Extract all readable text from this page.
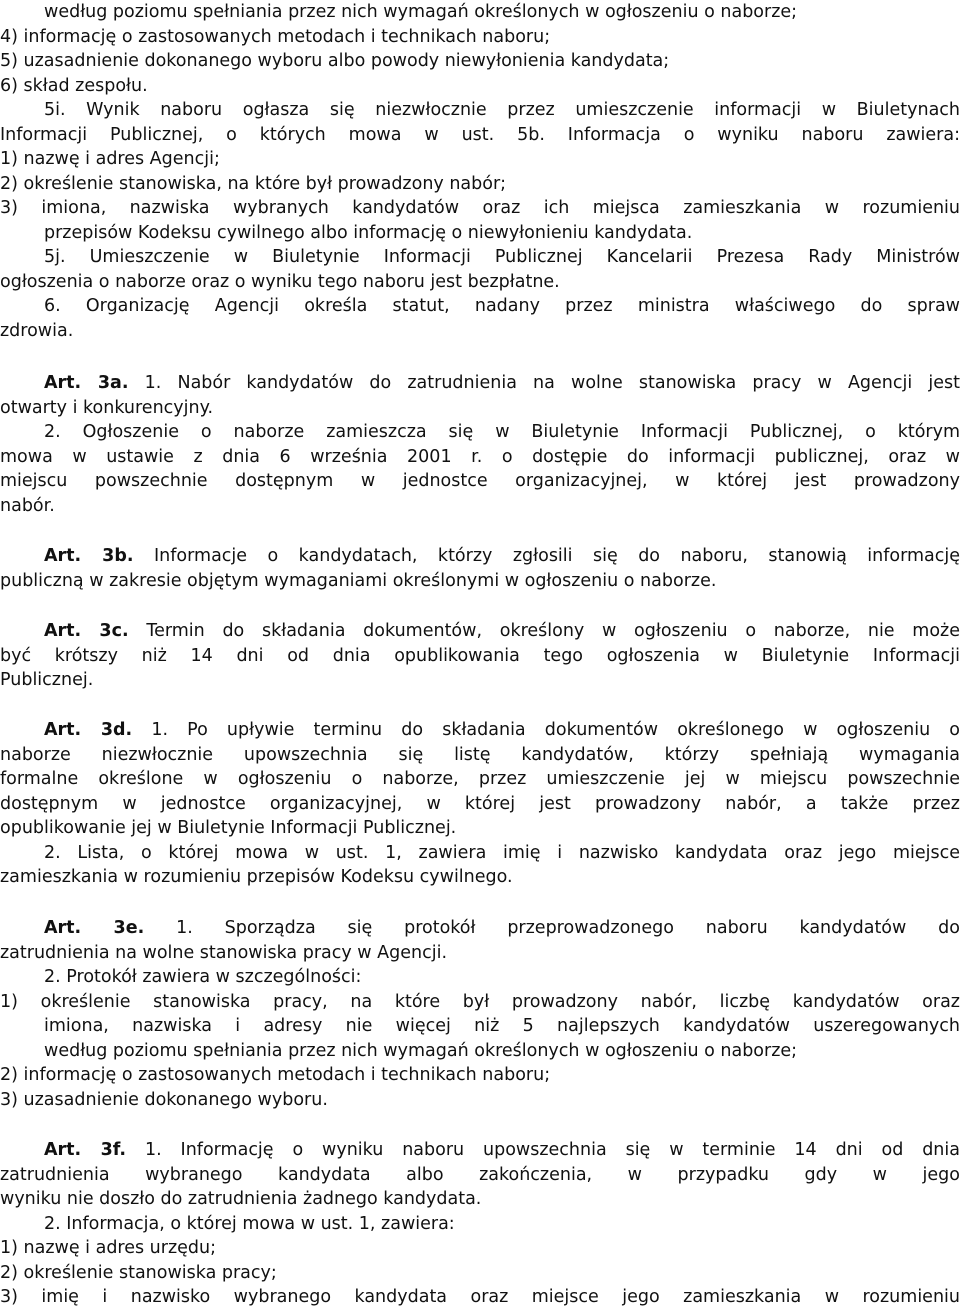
według poziomu spełniania przez nich wymagań określonych w ogłoszeniu o naborze;
4) informację o zastosowanych metodach i technikach naboru;
5) uzasadnienie dokonanego wyboru albo powody niewyłonienia kandydata;
6) skład zespołu.
5i. Wynik naboru ogłasza się niezwłocznie przez umieszczenie informacji w Biuletynach
Informacji Publicznej, o których mowa w ust. 5b. Informacja o wyniku naboru zawiera:
1) nazwę i adres Agencji;
2) określenie stanowiska, na które był prowadzony nabór;
3) imiona, nazwiska wybranych kandydatów oraz ich miejsca zamieszkania w rozumieniu
przepisów Kodeksu cywilnego albo informację o niewyłonieniu kandydata.
5j. Umieszczenie w Biuletynie Informacji Publicznej Kancelarii Prezesa Rady Ministrów
ogłoszenia o naborze oraz o wyniku tego naboru jest bezpłatne.
6. Organizację Agencji określa statut, nadany przez ministra właściwego do spraw
zdrowia.
Art. 3a. 1. Nabór kandydatów do zatrudnienia na wolne stanowiska pracy w Agencji jest
otwarty i konkurencyjny.
2. Ogłoszenie o naborze zamieszcza się w Biuletynie Informacji Publicznej, o którym
mowa w ustawie z dnia 6 września 2001 r. o dostępie do informacji publicznej, oraz w
miejscu powszechnie dostępnym w jednostce organizacyjnej, w której jest prowadzony
nabór.
Art. 3b. Informacje o kandydatach, którzy zgłosili się do naboru, stanowią informację
publiczną w zakresie objętym wymaganiami określonymi w ogłoszeniu o naborze.
Art. 3c. Termin do składania dokumentów, określony w ogłoszeniu o naborze, nie może
być krótszy niż 14 dni od dnia opublikowania tego ogłoszenia w Biuletynie Informacji
Publicznej.
Art. 3d. 1. Po upływie terminu do składania dokumentów określonego w ogłoszeniu o
naborze niezwłocznie upowszechnia się listę kandydatów, którzy spełniają wymagania
formalne określone w ogłoszeniu o naborze, przez umieszczenie jej w miejscu powszechnie
dostępnym w jednostce organizacyjnej, w której jest prowadzony nabór, a także przez
opublikowanie jej w Biuletynie Informacji Publicznej.
2. Lista, o której mowa w ust. 1, zawiera imię i nazwisko kandydata oraz jego miejsce
zamieszkania w rozumieniu przepisów Kodeksu cywilnego.
Art. 3e. 1. Sporządza się protokół przeprowadzonego naboru kandydatów do
zatrudnienia na wolne stanowiska pracy w Agencji.
2. Protokół zawiera w szczególności:
1) określenie stanowiska pracy, na które był prowadzony nabór, liczbę kandydatów oraz
imiona, nazwiska i adresy nie więcej niż 5 najlepszych kandydatów uszeregowanych
według poziomu spełniania przez nich wymagań określonych w ogłoszeniu o naborze;
2) informację o zastosowanych metodach i technikach naboru;
3) uzasadnienie dokonanego wyboru.
Art. 3f. 1. Informację o wyniku naboru upowszechnia się w terminie 14 dni od dnia
zatrudnienia wybranego kandydata albo zakończenia, w przypadku gdy w jego
wyniku nie doszło do zatrudnienia żadnego kandydata.
2. Informacja, o której mowa w ust. 1, zawiera:
1) nazwę i adres urzędu;
2) określenie stanowiska pracy;
3) imię i nazwisko wybranego kandydata oraz miejsce jego zamieszkania w rozumieniu
